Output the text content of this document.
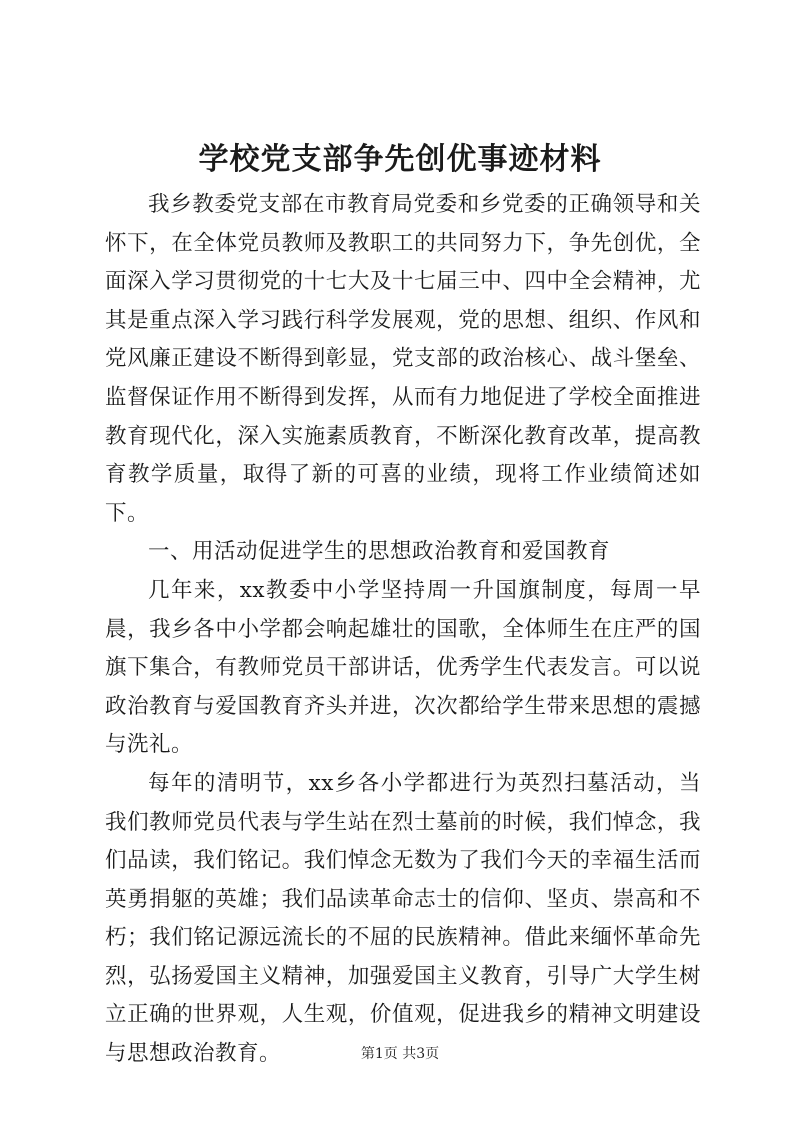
学校党支部争先创优事迹材料

我乡教委党支部在市教育局党委和乡党委的正确领导和关怀下，在全体党员教师及教职工的共同努力下，争先创优，全面深入学习贯彻党的十七大及十七届三中、四中全会精神，尤其是重点深入学习践行科学发展观，党的思想、组织、作风和党风廉正建设不断得到彰显，党支部的政治核心、战斗堡垒、监督保证作用不断得到发挥，从而有力地促进了学校全面推进教育现代化，深入实施素质教育，不断深化教育改革，提高教育教学质量，取得了新的可喜的业绩，现将工作业绩简述如下。

一、用活动促进学生的思想政治教育和爱国教育

几年来，xx教委中小学坚持周一升国旗制度，每周一早晨，我乡各中小学都会响起雄壮的国歌，全体师生在庄严的国旗下集合，有教师党员干部讲话，优秀学生代表发言。可以说政治教育与爱国教育齐头并进，次次都给学生带来思想的震撼与洗礼。

每年的清明节，xx乡各小学都进行为英烈扫墓活动，当我们教师党员代表与学生站在烈士墓前的时候，我们悼念，我们品读，我们铭记。我们悼念无数为了我们今天的幸福生活而英勇捐躯的英雄；我们品读革命志士的信仰、坚贞、崇高和不朽；我们铭记源远流长的不屈的民族精神。借此来缅怀革命先烈，弘扬爱国主义精神，加强爱国主义教育，引导广大学生树立正确的世界观，人生观，价值观，促进我乡的精神文明建设与思想政治教育。	第1页 共3页
